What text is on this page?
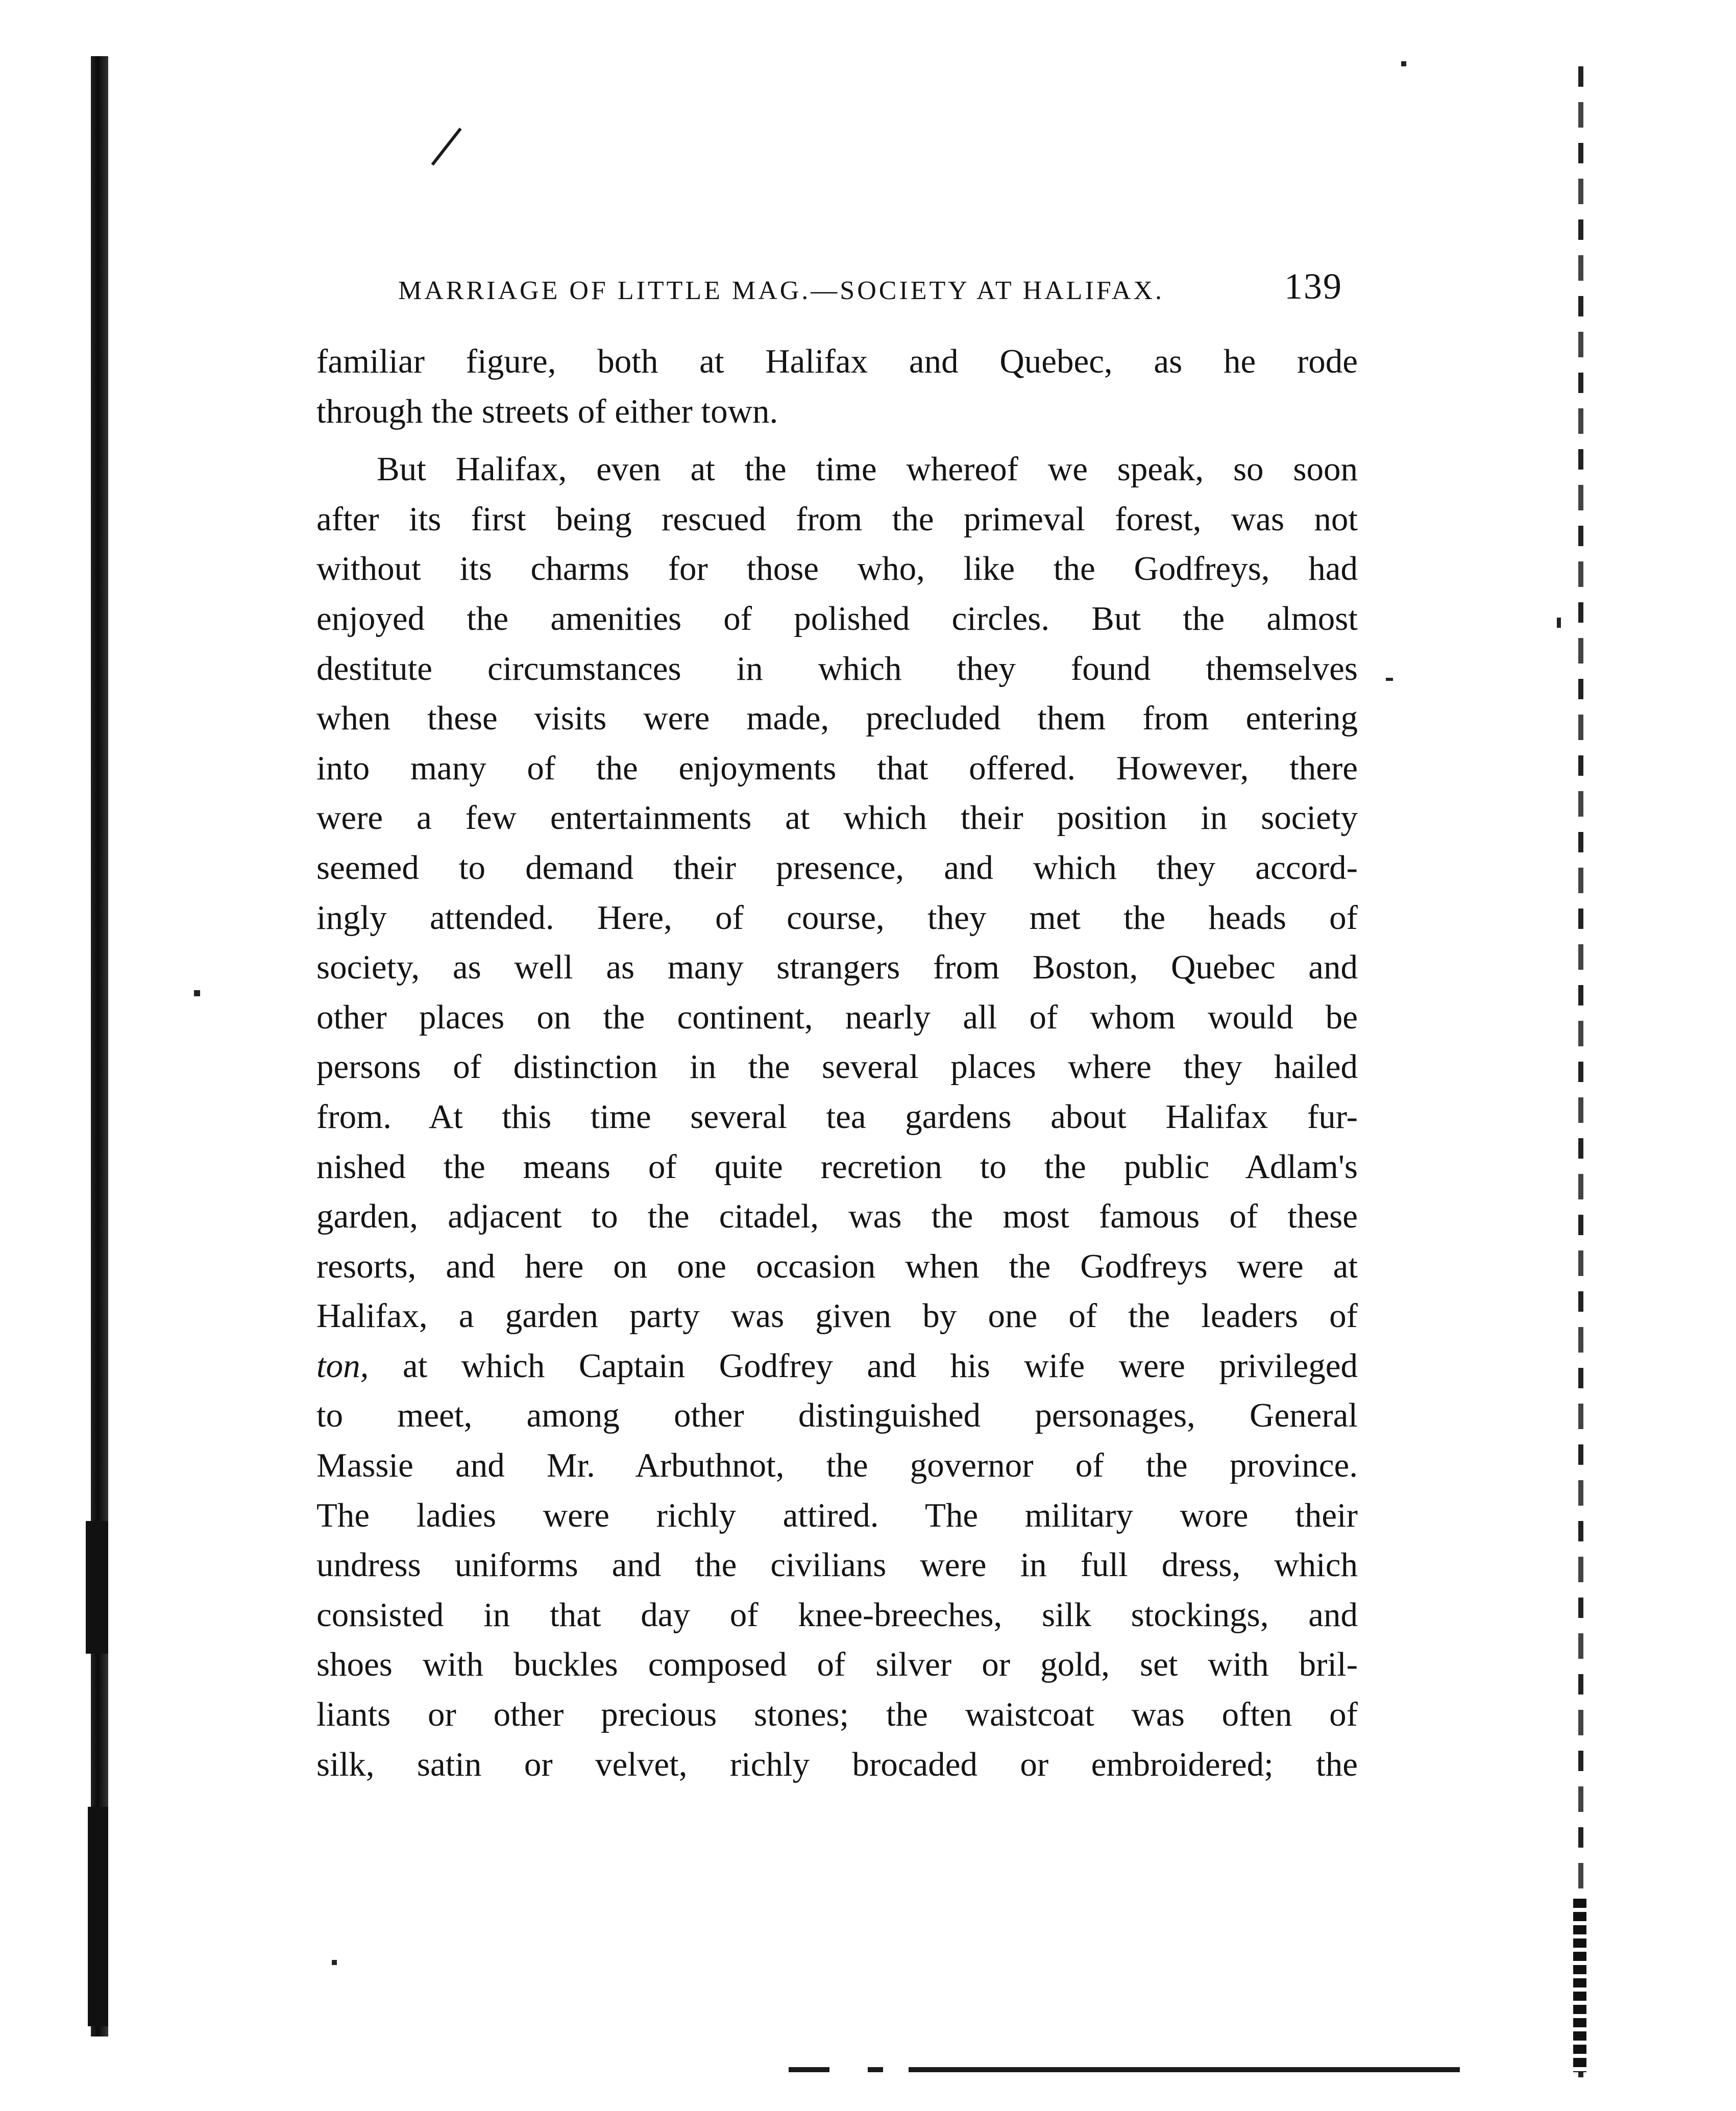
MARRIAGE OF LITTLE MAG.—SOCIETY AT HALIFAX.	139
familiar figure, both at Halifax and Quebec, as he rode
through the streets of either town.
But Halifax, even at the time whereof we speak, so soon
after its first being rescued from the primeval forest, was not
without its charms for those who, like the Godfreys, had
enjoyed the amenities of polished circles. But the almost
destitute circumstances in which they found themselves
when these visits were made, precluded them from entering
into many of the enjoyments that offered. However, there
were a few entertainments at which their position in society
seemed to demand their presence, and which they accord-
ingly attended. Here, of course, they met the heads of
society, as well as many strangers from Boston, Quebec and
other places on the continent, nearly all of whom would be
persons of distinction in the several places where they hailed
from. At this time several tea gardens about Halifax fur-
nished the means of quite recretion to the public Adlam's
garden, adjacent to the citadel, was the most famous of these
resorts, and here on one occasion when the Godfreys were at
Halifax, a garden party was given by one of the leaders of
ton, at which Captain Godfrey and his wife were privileged
to meet, among other distinguished personages, General
Massie and Mr. Arbuthnot, the governor of the province.
The ladies were richly attired. The military wore their
undress uniforms and the civilians were in full dress, which
consisted in that day of knee-breeches, silk stockings, and
shoes with buckles composed of silver or gold, set with bril-
liants or other precious stones; the waistcoat was often of
silk, satin or velvet, richly brocaded or embroidered; the
